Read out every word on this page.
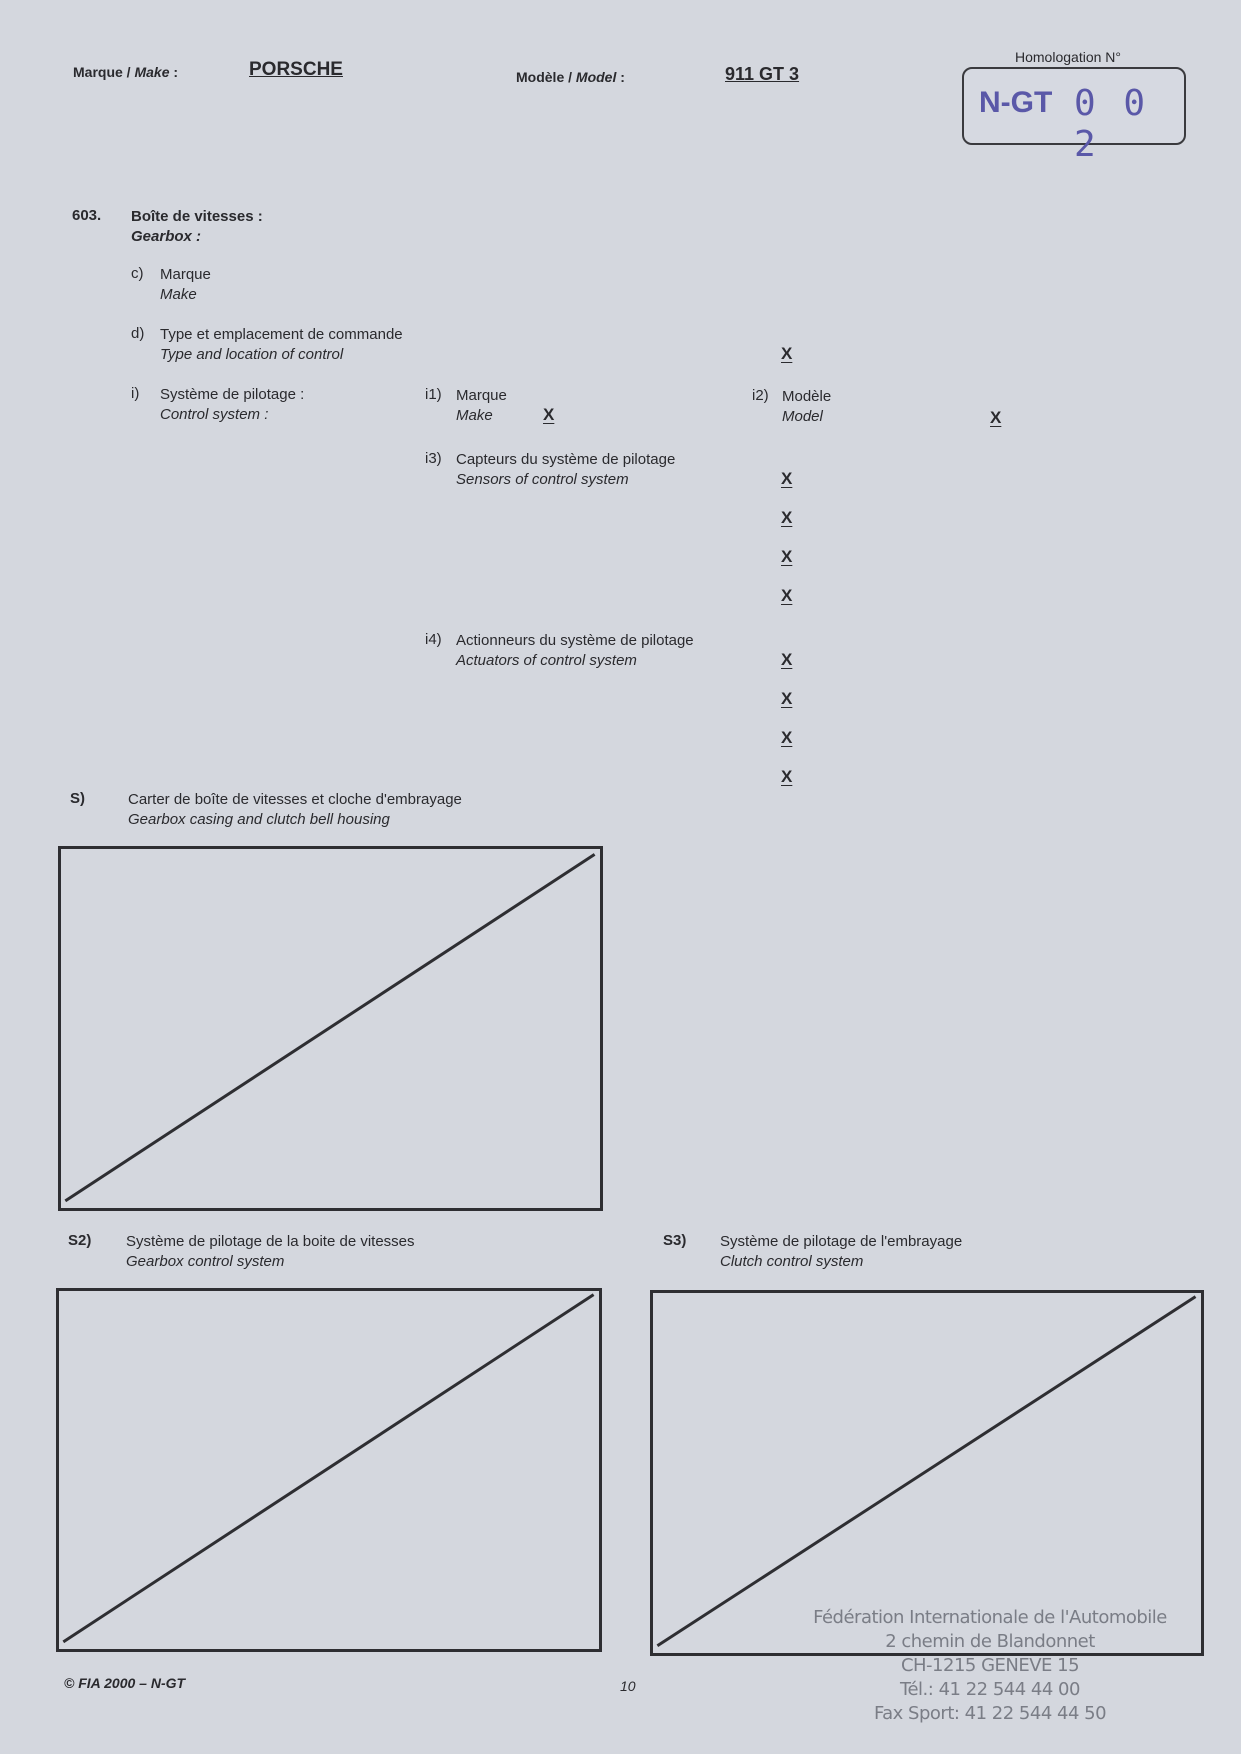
Marque / Make :	PORSCHE	Modèle / Model :	911 GT 3
Homologation N°
N-GT 0 0 2
603. Boîte de vitesses :
Gearbox :
c) Marque
Make
d) Type et emplacement de commande
Type and location of control	X
i) Système de pilotage :
Control system :
i1) Marque
Make	X
i2) Modèle
Model	X
i3) Capteurs du système de pilotage
Sensors of control system	X
X
X
X
i4) Actionneurs du système de pilotage
Actuators of control system	X
X
X
X
S)	Carter de boîte de vitesses et cloche d'embrayage
Gearbox casing and clutch bell housing
S2) Système de pilotage de la boite de vitesses
Gearbox control system
S3) Système de pilotage de l'embrayage
Clutch control system
Fédération Internationale de l'Automobile
2 chemin de Blandonnet
CH-1215 GENEVE 15
Tél.: 41 22 544 44 00
Fax Sport: 41 22 544 44 50
© FIA 2000 – N-GT	10
